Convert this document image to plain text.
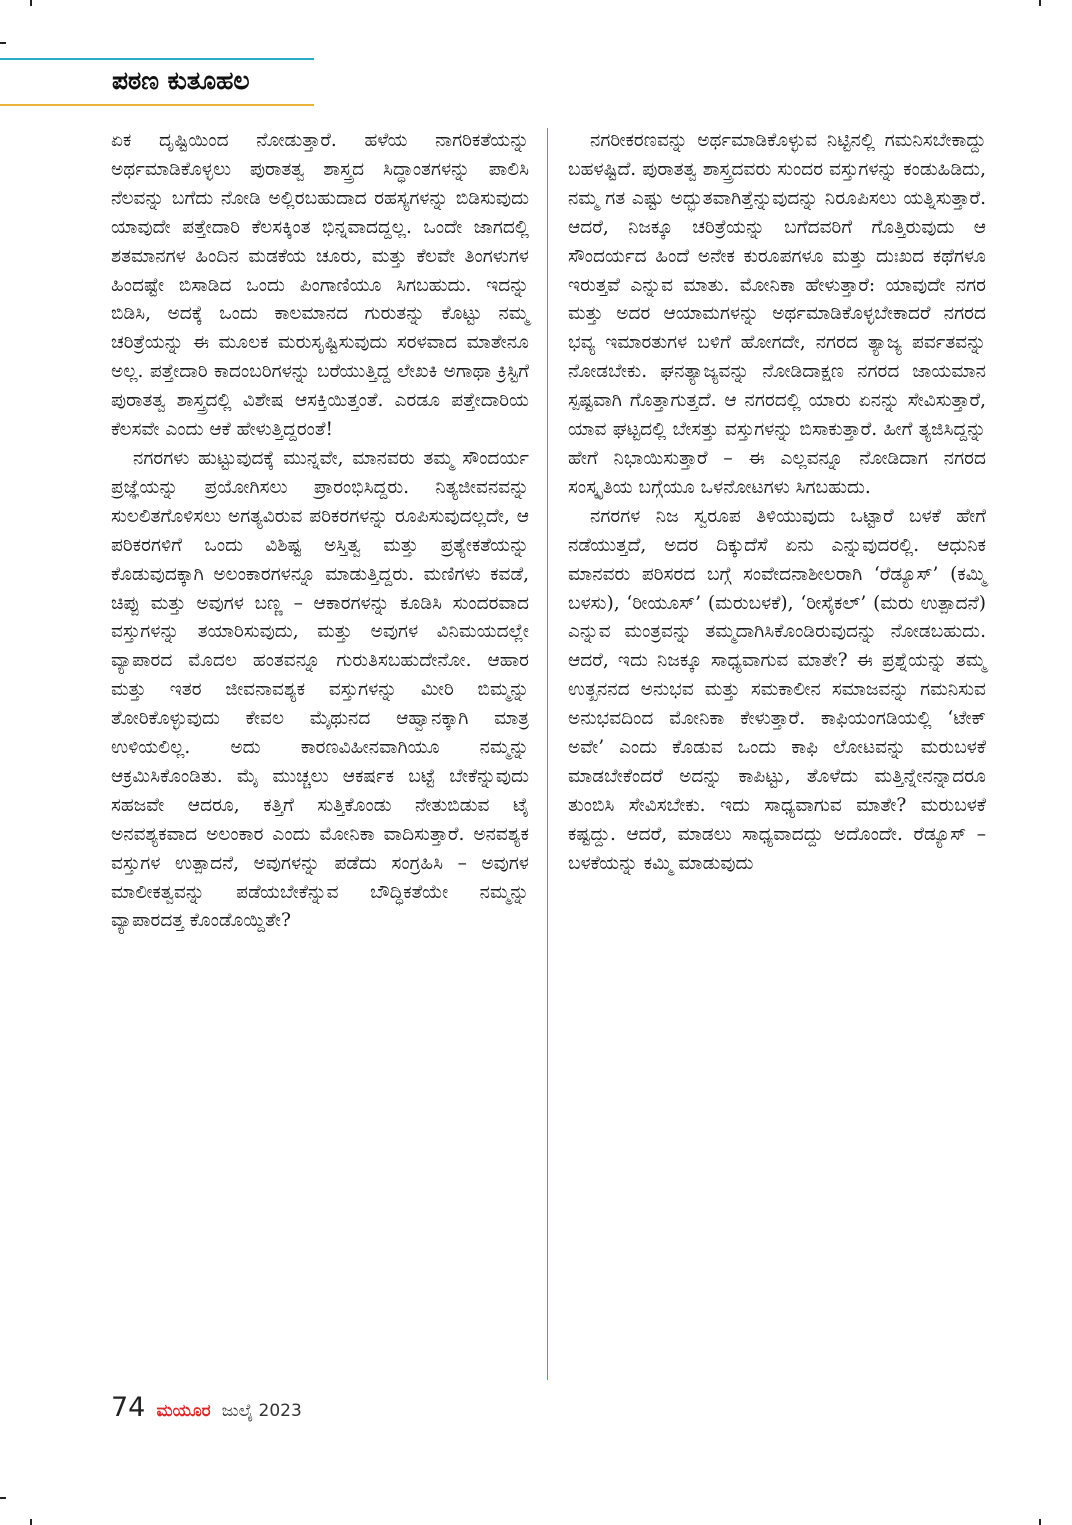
ಪಠಣ ಕುತೂಹಲ

ಏಕ ದೃಷ್ಟಿಯಿಂದ ನೋಡುತ್ತಾರೆ. ಹಳೆಯ ನಾಗರಿಕತೆಯನ್ನು ಅರ್ಥಮಾಡಿಕೊಳ್ಳಲು ಪುರಾತತ್ವ ಶಾಸ್ತ್ರದ ಸಿದ್ಧಾಂತಗಳನ್ನು ಪಾಲಿಸಿ ನೆಲವನ್ನು ಬಗೆದು ನೋಡಿ ಅಲ್ಲಿರಬಹುದಾದ ರಹಸ್ಯಗಳನ್ನು ಬಿಡಿಸುವುದು ಯಾವುದೇ ಪತ್ತೇದಾರಿ ಕೆಲಸಕ್ಕಿಂತ ಭಿನ್ನವಾದದ್ದಲ್ಲ. ಒಂದೇ ಜಾಗದಲ್ಲಿ ಶತಮಾನಗಳ ಹಿಂದಿನ ಮಡಕೆಯ ಚೂರು, ಮತ್ತು ಕೆಲವೇ ತಿಂಗಳುಗಳ ಹಿಂದಷ್ಟೇ ಬಿಸಾಡಿದ ಒಂದು ಪಿಂಗಾಣಿಯೂ ಸಿಗಬಹುದು. ಇದನ್ನು ಬಿಡಿಸಿ, ಅದಕ್ಕೆ ಒಂದು ಕಾಲಮಾನದ ಗುರುತನ್ನು ಕೊಟ್ಟು ನಮ್ಮ ಚರಿತ್ರೆಯನ್ನು ಈ ಮೂಲಕ ಮರುಸೃಷ್ಟಿಸುವುದು ಸರಳವಾದ ಮಾತೇನೂ ಅಲ್ಲ. ಪತ್ತೇದಾರಿ ಕಾದಂಬರಿಗಳನ್ನು ಬರೆಯುತ್ತಿದ್ದ ಲೇಖಕಿ ಅಗಾಥಾ ಕ್ರಿಸ್ಟಿಗೆ ಪುರಾತತ್ವ ಶಾಸ್ತ್ರದಲ್ಲಿ ವಿಶೇಷ ಆಸಕ್ತಿಯಿತ್ತಂತೆ. ಎರಡೂ ಪತ್ತೇದಾರಿಯ ಕೆಲಸವೇ ಎಂದು ಆಕೆ ಹೇಳುತ್ತಿದ್ದರಂತೆ!

ನಗರಗಳು ಹುಟ್ಟುವುದಕ್ಕೆ ಮುನ್ನವೇ, ಮಾನವರು ತಮ್ಮ ಸೌಂದರ್ಯ ಪ್ರಜ್ಞೆಯನ್ನು ಪ್ರಯೋಗಿಸಲು ಪ್ರಾರಂಭಿಸಿದ್ದರು. ನಿತ್ಯಜೀವನವನ್ನು ಸುಲಲಿತಗೊಳಿಸಲು ಅಗತ್ಯವಿರುವ ಪರಿಕರಗಳನ್ನು ರೂಪಿಸುವುದಲ್ಲದೇ, ಆ ಪರಿಕರಗಳಿಗೆ ಒಂದು ವಿಶಿಷ್ಟ ಅಸ್ತಿತ್ವ ಮತ್ತು ಪ್ರತ್ಯೇಕತೆಯನ್ನು ಕೊಡುವುದಕ್ಕಾಗಿ ಅಲಂಕಾರಗಳನ್ನೂ ಮಾಡುತ್ತಿದ್ದರು. ಮಣಿಗಳು ಕವಡೆ, ಚಿಪ್ಪು ಮತ್ತು ಅವುಗಳ ಬಣ್ಣ – ಆಕಾರಗಳನ್ನು ಕೂಡಿಸಿ ಸುಂದರವಾದ ವಸ್ತುಗಳನ್ನು ತಯಾರಿಸುವುದು, ಮತ್ತು ಅವುಗಳ ವಿನಿಮಯದಲ್ಲೇ ವ್ಯಾಪಾರದ ಮೊದಲ ಹಂತವನ್ನೂ ಗುರುತಿಸಬಹುದೇನೋ. ಆಹಾರ ಮತ್ತು ಇತರ ಜೀವನಾವಶ್ಯಕ ವಸ್ತುಗಳನ್ನು ಮೀರಿ ಬಿಮ್ಮನ್ನು ತೋರಿಕೊಳ್ಳುವುದು ಕೇವಲ ಮೈಥುನದ ಆಹ್ವಾನಕ್ಕಾಗಿ ಮಾತ್ರ ಉಳಿಯಲಿಲ್ಲ. ಅದು ಕಾರಣವಿಹೀನವಾಗಿಯೂ ನಮ್ಮನ್ನು ಆಕ್ರಮಿಸಿಕೊಂಡಿತು. ಮೈ ಮುಚ್ಚಲು ಆಕರ್ಷಕ ಬಟ್ಟೆ ಬೇಕೆನ್ನುವುದು ಸಹಜವೇ ಆದರೂ, ಕತ್ತಿಗೆ ಸುತ್ತಿಕೊಂಡು ನೇತುಬಿಡುವ ಟೈ ಅನವಶ್ಯಕವಾದ ಅಲಂಕಾರ ಎಂದು ಮೋನಿಕಾ ವಾದಿಸುತ್ತಾರೆ. ಅನವಶ್ಯಕ ವಸ್ತುಗಳ ಉತ್ಪಾದನೆ, ಅವುಗಳನ್ನು ಪಡೆದು ಸಂಗ್ರಹಿಸಿ – ಅವುಗಳ ಮಾಲೀಕತ್ವವನ್ನು ಪಡೆಯಬೇಕೆನ್ನುವ ಬೌದ್ಧಿಕತೆಯೇ ನಮ್ಮನ್ನು ವ್ಯಾಪಾರದತ್ತ ಕೊಂಡೊಯ್ದಿತೇ?

ನಗರೀಕರಣವನ್ನು ಅರ್ಥಮಾಡಿಕೊಳ್ಳುವ ನಿಟ್ಟಿನಲ್ಲಿ ಗಮನಿಸಬೇಕಾದ್ದು ಬಹಳಷ್ಟಿದೆ. ಪುರಾತತ್ವ ಶಾಸ್ತ್ರದವರು ಸುಂದರ ವಸ್ತುಗಳನ್ನು ಕಂಡುಹಿಡಿದು, ನಮ್ಮ ಗತ ಎಷ್ಟು ಅದ್ಭುತವಾಗಿತ್ತೆನ್ನುವುದನ್ನು ನಿರೂಪಿಸಲು ಯತ್ನಿಸುತ್ತಾರೆ. ಆದರೆ, ನಿಜಕ್ಕೂ ಚರಿತ್ರೆಯನ್ನು ಬಗೆದವರಿಗೆ ಗೊತ್ತಿರುವುದು ಆ ಸೌಂದರ್ಯದ ಹಿಂದೆ ಅನೇಕ ಕುರೂಪಗಳೂ ಮತ್ತು ದುಃಖದ ಕಥೆಗಳೂ ಇರುತ್ತವೆ ಎನ್ನುವ ಮಾತು. ಮೋನಿಕಾ ಹೇಳುತ್ತಾರೆ: ಯಾವುದೇ ನಗರ ಮತ್ತು ಅದರ ಆಯಾಮಗಳನ್ನು ಅರ್ಥಮಾಡಿಕೊಳ್ಳಬೇಕಾದರೆ ನಗರದ ಭವ್ಯ ಇಮಾರತುಗಳ ಬಳಿಗೆ ಹೋಗದೇ, ನಗರದ ತ್ಯಾಜ್ಯ ಪರ್ವತವನ್ನು ನೋಡಬೇಕು. ಘನತ್ಯಾಜ್ಯವನ್ನು ನೋಡಿದಾಕ್ಷಣ ನಗರದ ಜಾಯಮಾನ ಸ್ಪಷ್ಟವಾಗಿ ಗೊತ್ತಾಗುತ್ತದೆ. ಆ ನಗರದಲ್ಲಿ ಯಾರು ಏನನ್ನು ಸೇವಿಸುತ್ತಾರೆ, ಯಾವ ಘಟ್ಟದಲ್ಲಿ ಬೇಸತ್ತು ವಸ್ತುಗಳನ್ನು ಬಿಸಾಕುತ್ತಾರೆ. ಹೀಗೆ ತ್ಯಜಿಸಿದ್ದನ್ನು ಹೇಗೆ ನಿಭಾಯಿಸುತ್ತಾರೆ – ಈ ಎಲ್ಲವನ್ನೂ ನೋಡಿದಾಗ ನಗರದ ಸಂಸ್ಕೃತಿಯ ಬಗ್ಗೆಯೂ ಒಳನೋಟಗಳು ಸಿಗಬಹುದು.

ನಗರಗಳ ನಿಜ ಸ್ವರೂಪ ತಿಳಿಯುವುದು ಒಟ್ಟಾರೆ ಬಳಕೆ ಹೇಗೆ ನಡೆಯುತ್ತದೆ, ಅದರ ದಿಕ್ಕುದೆಸೆ ಏನು ಎನ್ನುವುದರಲ್ಲಿ. ಆಧುನಿಕ ಮಾನವರು ಪರಿಸರದ ಬಗ್ಗೆ ಸಂವೇದನಾಶೀಲರಾಗಿ ‘ರೆಡ್ಯೂಸ್’ (ಕಮ್ಮಿ ಬಳಸು), ‘ರೀಯೂಸ್’ (ಮರುಬಳಕೆ), ‘ರೀಸೈಕಲ್’ (ಮರು ಉತ್ಪಾದನೆ) ಎನ್ನುವ ಮಂತ್ರವನ್ನು ತಮ್ಮದಾಗಿಸಿಕೊಂಡಿರುವುದನ್ನು ನೋಡಬಹುದು. ಆದರೆ, ಇದು ನಿಜಕ್ಕೂ ಸಾಧ್ಯವಾಗುವ ಮಾತೇ? ಈ ಪ್ರಶ್ನೆಯನ್ನು ತಮ್ಮ ಉತ್ಖನನದ ಅನುಭವ ಮತ್ತು ಸಮಕಾಲೀನ ಸಮಾಜವನ್ನು ಗಮನಿಸುವ ಅನುಭವದಿಂದ ಮೋನಿಕಾ ಕೇಳುತ್ತಾರೆ. ಕಾಫಿಯಂಗಡಿಯಲ್ಲಿ ‘ಟೇಕ್ ಅವೇ’ ಎಂದು ಕೊಡುವ ಒಂದು ಕಾಫಿ ಲೋಟವನ್ನು ಮರುಬಳಕೆ ಮಾಡಬೇಕೆಂದರೆ ಅದನ್ನು ಕಾಪಿಟ್ಟು, ತೊಳೆದು ಮತ್ತಿನ್ನೇನನ್ನಾದರೂ ತುಂಬಿಸಿ ಸೇವಿಸಬೇಕು. ಇದು ಸಾಧ್ಯವಾಗುವ ಮಾತೇ? ಮರುಬಳಕೆ ಕಷ್ಟದ್ದು. ಆದರೆ, ಮಾಡಲು ಸಾಧ್ಯವಾದದ್ದು ಅದೊಂದೇ. ರೆಡ್ಯೂಸ್ – ಬಳಕೆಯನ್ನು ಕಮ್ಮಿ ಮಾಡುವುದು

74 ಮಯೂರ ಜುಲೈ 2023
